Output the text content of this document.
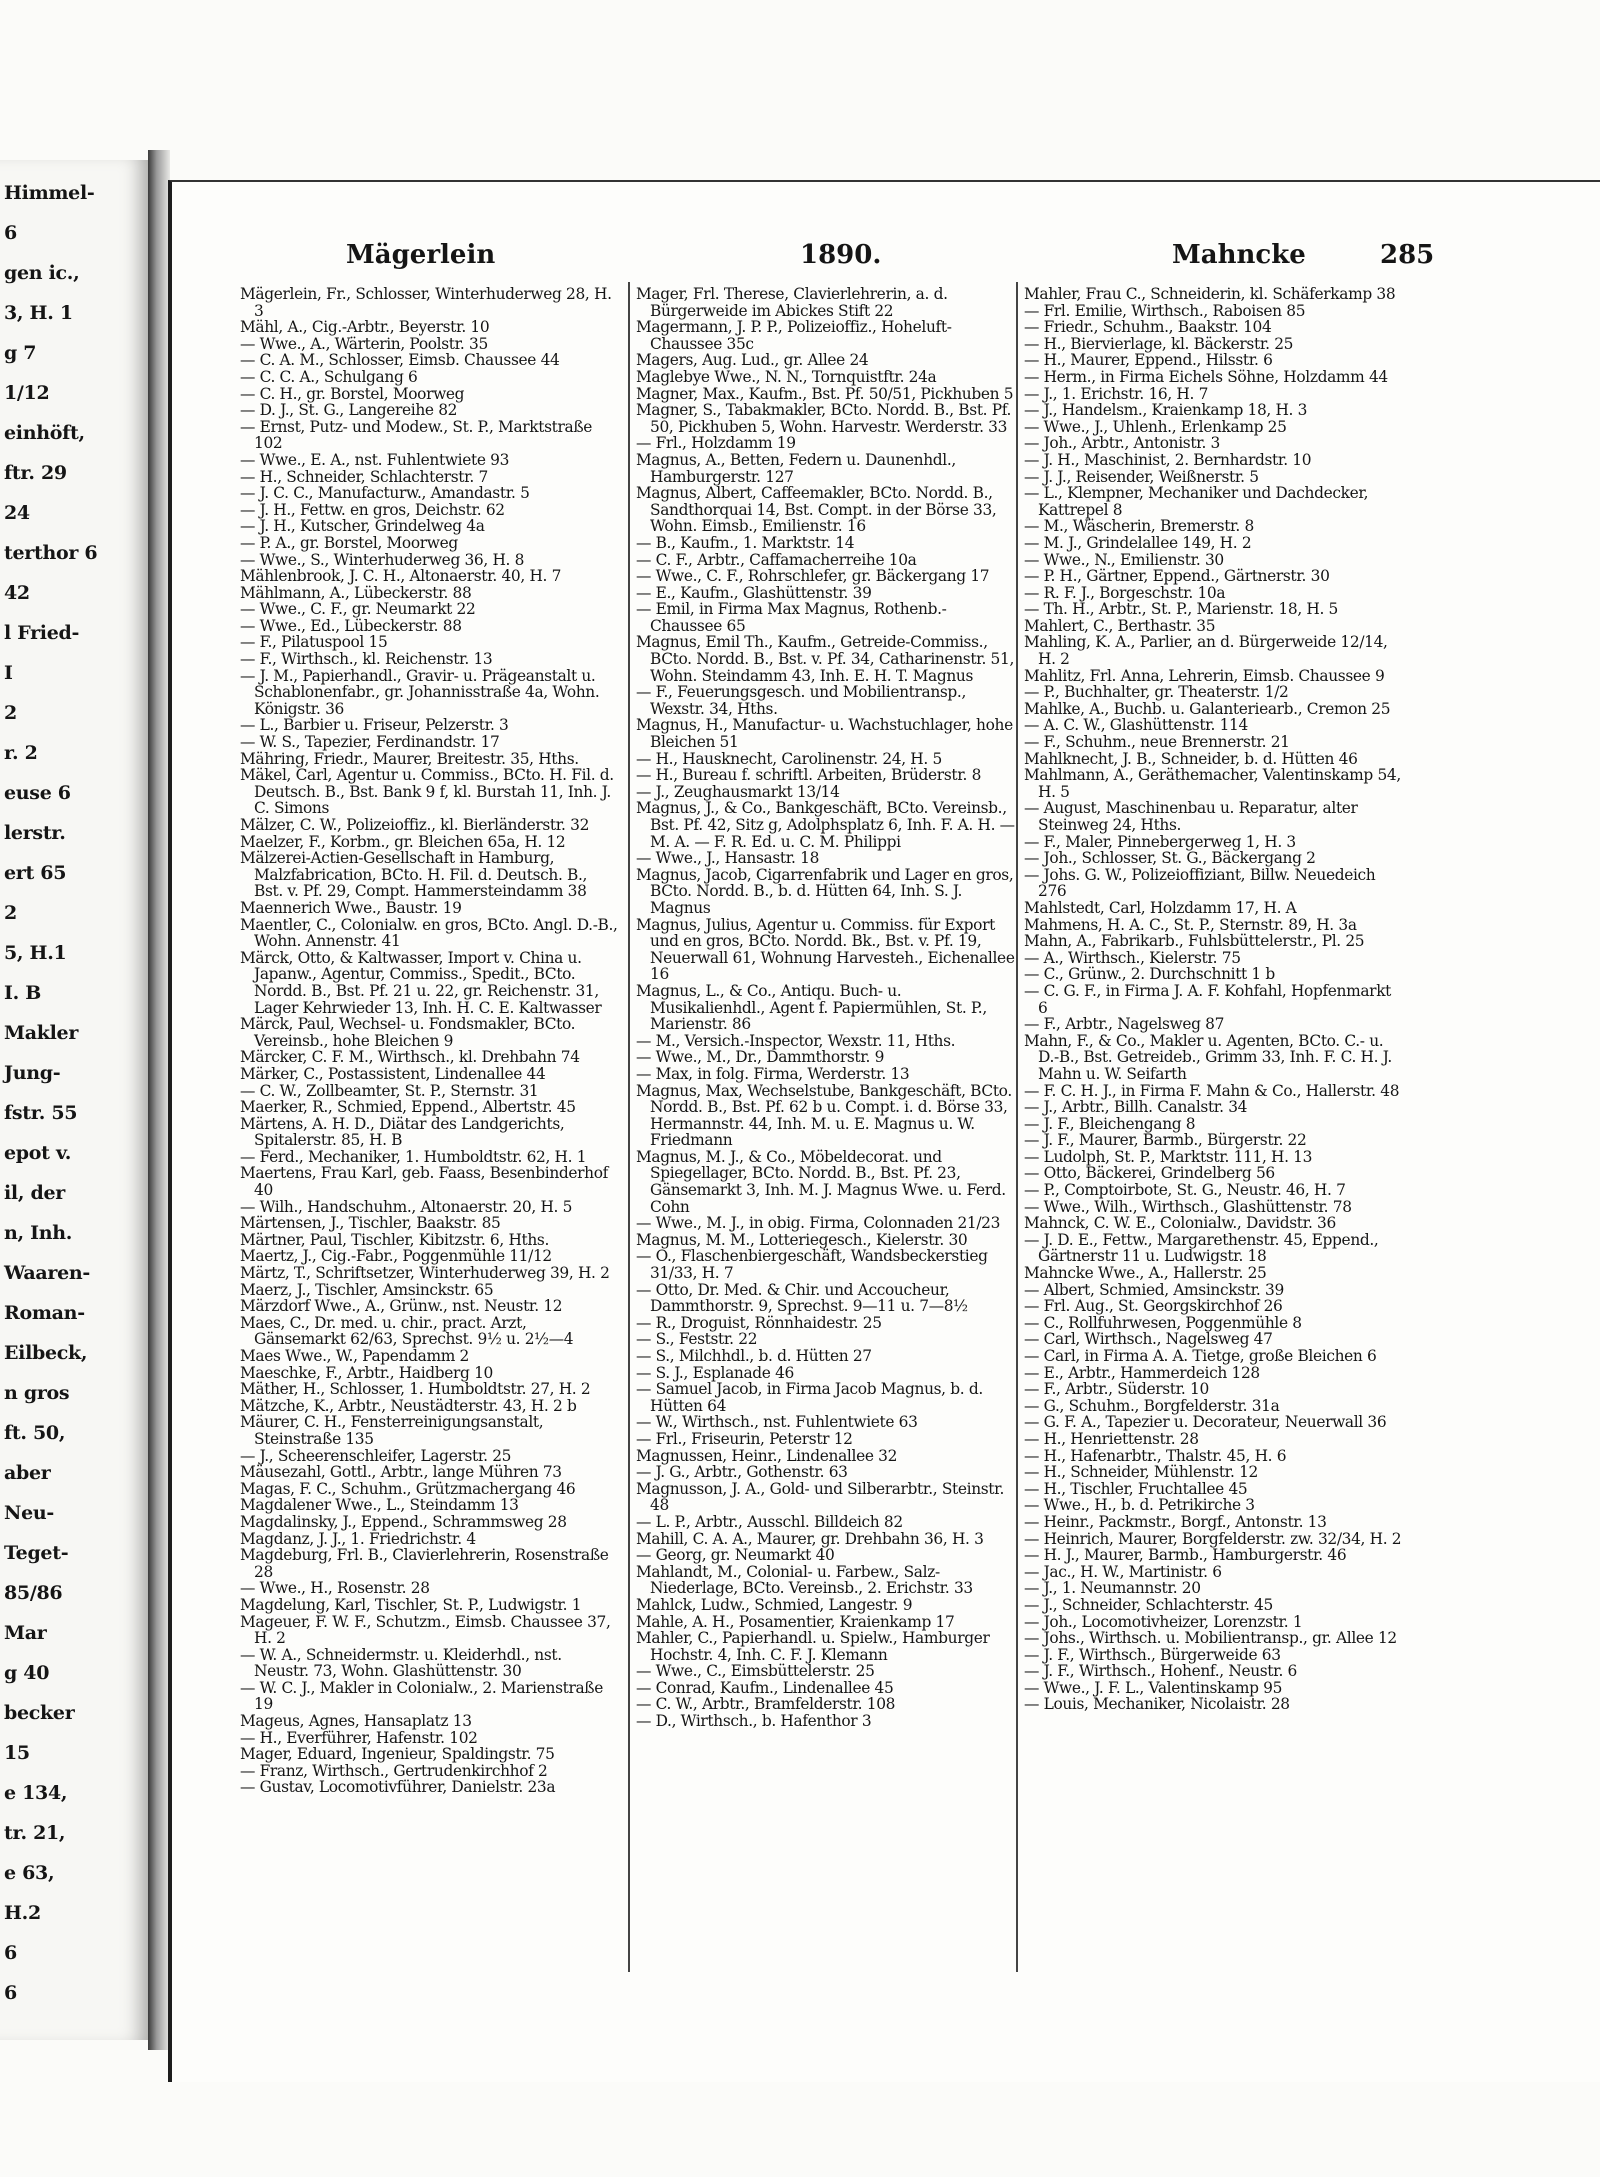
Himmel-
6
gen ic.,
3, H. 1
g 7
1/12
einhöft,
ftr. 29
24
terthor 6
42
l Fried-
I
2
r. 2
euse 6
lerstr.
ert 65
2
5, H.1
I. B
Makler
Jung-
fstr. 55
epot v.
il, der
n, Inh.
Waaren-
Roman-
Eilbeck,
n gros
ft. 50,
aber
Neu-
Teget-
85/86
Mar
g 40
becker
15
e 134,
tr. 21,
e 63,
H.2
6
6
Mägerlein	1890.	Mahncke	285

Mägerlein, Fr., Schlosser, Winterhuderweg 28, H. 3

Mähl, A., Cig.-Arbtr., Beyerstr. 10

— Wwe., A., Wärterin, Poolstr. 35

— C. A. M., Schlosser, Eimsb. Chaussee 44

— C. C. A., Schulgang 6

— C. H., gr. Borstel, Moorweg

— D. J., St. G., Langereihe 82

— Ernst, Putz- und Modew., St. P., Marktstraße 102

— Wwe., E. A., nst. Fuhlentwiete 93

— H., Schneider, Schlachterstr. 7

— J. C. C., Manufacturw., Amandastr. 5

— J. H., Fettw. en gros, Deichstr. 62

— J. H., Kutscher, Grindelweg 4a

— P. A., gr. Borstel, Moorweg

— Wwe., S., Winterhuderweg 36, H. 8

Mählenbrook, J. C. H., Altonaerstr. 40, H. 7

Mählmann, A., Lübeckerstr. 88

— Wwe., C. F., gr. Neumarkt 22

— Wwe., Ed., Lübeckerstr. 88

— F., Pilatuspool 15

— F., Wirthsch., kl. Reichenstr. 13

— J. M., Papierhandl., Gravir- u. Prägeanstalt u. Schablonenfabr., gr. Johannisstraße 4a, Wohn. Königstr. 36

— L., Barbier u. Friseur, Pelzerstr. 3

— W. S., Tapezier, Ferdinandstr. 17

Mähring, Friedr., Maurer, Breitestr. 35, Hths.

Mäkel, Carl, Agentur u. Commiss., BCto. H. Fil. d. Deutsch. B., Bst. Bank 9 f, kl. Burstah 11, Inh. J. C. Simons

Mälzer, C. W., Polizeioffiz., kl. Bierländerstr. 32

Maelzer, F., Korbm., gr. Bleichen 65a, H. 12

Mälzerei-Actien-Gesellschaft in Hamburg, Malzfabrication, BCto. H. Fil. d. Deutsch. B., Bst. v. Pf. 29, Compt. Hammersteindamm 38

Maennerich Wwe., Baustr. 19

Maentler, C., Colonialw. en gros, BCto. Angl. D.-B., Wohn. Annenstr. 41

Märck, Otto, & Kaltwasser, Import v. China u. Japanw., Agentur, Commiss., Spedit., BCto. Nordd. B., Bst. Pf. 21 u. 22, gr. Reichenstr. 31, Lager Kehrwieder 13, Inh. H. C. E. Kaltwasser

Märck, Paul, Wechsel- u. Fondsmakler, BCto. Vereinsb., hohe Bleichen 9

Märcker, C. F. M., Wirthsch., kl. Drehbahn 74

Märker, C., Postassistent, Lindenallee 44

— C. W., Zollbeamter, St. P., Sternstr. 31

Maerker, R., Schmied, Eppend., Albertstr. 45

Märtens, A. H. D., Diätar des Landgerichts, Spitalerstr. 85, H. B

— Ferd., Mechaniker, 1. Humboldtstr. 62, H. 1

Maertens, Frau Karl, geb. Faass, Besenbinderhof 40

— Wilh., Handschuhm., Altonaerstr. 20, H. 5

Märtensen, J., Tischler, Baakstr. 85

Märtner, Paul, Tischler, Kibitzstr. 6, Hths.

Maertz, J., Cig.-Fabr., Poggenmühle 11/12

Märtz, T., Schriftsetzer, Winterhuderweg 39, H. 2

Maerz, J., Tischler, Amsinckstr. 65

Märzdorf Wwe., A., Grünw., nst. Neustr. 12

Maes, C., Dr. med. u. chir., pract. Arzt, Gänsemarkt 62/63, Sprechst. 9½ u. 2½—4

Maes Wwe., W., Papendamm 2

Maeschke, F., Arbtr., Haidberg 10

Mäther, H., Schlosser, 1. Humboldtstr. 27, H. 2

Mätzche, K., Arbtr., Neustädterstr. 43, H. 2 b

Mäurer, C. H., Fensterreinigungsanstalt, Steinstraße 135

— J., Scheerenschleifer, Lagerstr. 25

Mäusezahl, Gottl., Arbtr., lange Mühren 73

Magas, F. C., Schuhm., Grützmachergang 46

Magdalener Wwe., L., Steindamm 13

Magdalinsky, J., Eppend., Schrammsweg 28

Magdanz, J. J., 1. Friedrichstr. 4

Magdeburg, Frl. B., Clavierlehrerin, Rosenstraße 28

— Wwe., H., Rosenstr. 28

Magdelung, Karl, Tischler, St. P., Ludwigstr. 1

Mageuer, F. W. F., Schutzm., Eimsb. Chaussee 37, H. 2

— W. A., Schneidermstr. u. Kleiderhdl., nst. Neustr. 73, Wohn. Glashüttenstr. 30

— W. C. J., Makler in Colonialw., 2. Marienstraße 19

Mageus, Agnes, Hansaplatz 13

— H., Everführer, Hafenstr. 102

Mager, Eduard, Ingenieur, Spaldingstr. 75

— Franz, Wirthsch., Gertrudenkirchhof 2

— Gustav, Locomotivführer, Danielstr. 23a

Mager, Frl. Therese, Clavierlehrerin, a. d. Bürgerweide im Abickes Stift 22

Magermann, J. P. P., Polizeioffiz., Hoheluft-Chaussee 35c

Magers, Aug. Lud., gr. Allee 24

Maglebye Wwe., N. N., Tornquistftr. 24a

Magner, Max., Kaufm., Bst. Pf. 50/51, Pickhuben 5

Magner, S., Tabakmakler, BCto. Nordd. B., Bst. Pf. 50, Pickhuben 5, Wohn. Harvestr. Werderstr. 33

— Frl., Holzdamm 19

Magnus, A., Betten, Federn u. Daunenhdl., Hamburgerstr. 127

Magnus, Albert, Caffeemakler, BCto. Nordd. B., Sandthorquai 14, Bst. Compt. in der Börse 33, Wohn. Eimsb., Emilienstr. 16

— B., Kaufm., 1. Marktstr. 14

— C. F., Arbtr., Caffamacherreihe 10a

— Wwe., C. F., Rohrschlefer, gr. Bäckergang 17

— E., Kaufm., Glashüttenstr. 39

— Emil, in Firma Max Magnus, Rothenb.-Chaussee 65

Magnus, Emil Th., Kaufm., Getreide-Commiss., BCto. Nordd. B., Bst. v. Pf. 34, Catharinenstr. 51, Wohn. Steindamm 43, Inh. E. H. T. Magnus

— F., Feuerungsgesch. und Mobilientransp., Wexstr. 34, Hths.

Magnus, H., Manufactur- u. Wachstuchlager, hohe Bleichen 51

— H., Hausknecht, Carolinenstr. 24, H. 5

— H., Bureau f. schriftl. Arbeiten, Brüderstr. 8

— J., Zeughausmarkt 13/14

Magnus, J., & Co., Bankgeschäft, BCto. Vereinsb., Bst. Pf. 42, Sitz g, Adolphsplatz 6, Inh. F. A. H. — M. A. — F. R. Ed. u. C. M. Philippi

— Wwe., J., Hansastr. 18

Magnus, Jacob, Cigarrenfabrik und Lager en gros, BCto. Nordd. B., b. d. Hütten 64, Inh. S. J. Magnus

Magnus, Julius, Agentur u. Commiss. für Export und en gros, BCto. Nordd. Bk., Bst. v. Pf. 19, Neuerwall 61, Wohnung Harvesteh., Eichenallee 16

Magnus, L., & Co., Antiqu. Buch- u. Musikalienhdl., Agent f. Papiermühlen, St. P., Marienstr. 86

— M., Versich.-Inspector, Wexstr. 11, Hths.

— Wwe., M., Dr., Dammthorstr. 9

— Max, in folg. Firma, Werderstr. 13

Magnus, Max, Wechselstube, Bankgeschäft, BCto. Nordd. B., Bst. Pf. 62 b u. Compt. i. d. Börse 33, Hermannstr. 44, Inh. M. u. E. Magnus u. W. Friedmann

Magnus, M. J., & Co., Möbeldecorat. und Spiegellager, BCto. Nordd. B., Bst. Pf. 23, Gänsemarkt 3, Inh. M. J. Magnus Wwe. u. Ferd. Cohn

— Wwe., M. J., in obig. Firma, Colonnaden 21/23

Magnus, M. M., Lotteriegesch., Kielerstr. 30

— O., Flaschenbiergeschäft, Wandsbeckerstieg 31/33, H. 7

— Otto, Dr. Med. & Chir. und Accoucheur, Dammthorstr. 9, Sprechst. 9—11 u. 7—8½

— R., Droguist, Rönnhaidestr. 25

— S., Feststr. 22

— S., Milchhdl., b. d. Hütten 27

— S. J., Esplanade 46

— Samuel Jacob, in Firma Jacob Magnus, b. d. Hütten 64

— W., Wirthsch., nst. Fuhlentwiete 63

— Frl., Friseurin, Peterstr 12

Magnussen, Heinr., Lindenallee 32

— J. G., Arbtr., Gothenstr. 63

Magnusson, J. A., Gold- und Silberarbtr., Steinstr. 48

— L. P., Arbtr., Ausschl. Billdeich 82

Mahill, C. A. A., Maurer, gr. Drehbahn 36, H. 3

— Georg, gr. Neumarkt 40

Mahlandt, M., Colonial- u. Farbew., Salz-Niederlage, BCto. Vereinsb., 2. Erichstr. 33

Mahlck, Ludw., Schmied, Langestr. 9

Mahle, A. H., Posamentier, Kraienkamp 17

Mahler, C., Papierhandl. u. Spielw., Hamburger Hochstr. 4, Inh. C. F. J. Klemann

— Wwe., C., Eimsbüttelerstr. 25

— Conrad, Kaufm., Lindenallee 45

— C. W., Arbtr., Bramfelderstr. 108

— D., Wirthsch., b. Hafenthor 3

Mahler, Frau C., Schneiderin, kl. Schäferkamp 38

— Frl. Emilie, Wirthsch., Raboisen 85

— Friedr., Schuhm., Baakstr. 104

— H., Biervierlage, kl. Bäckerstr. 25

— H., Maurer, Eppend., Hilsstr. 6

— Herm., in Firma Eichels Söhne, Holzdamm 44

— J., 1. Erichstr. 16, H. 7

— J., Handelsm., Kraienkamp 18, H. 3

— Wwe., J., Uhlenh., Erlenkamp 25

— Joh., Arbtr., Antonistr. 3

— J. H., Maschinist, 2. Bernhardstr. 10

— J. J., Reisender, Weißnerstr. 5

— L., Klempner, Mechaniker und Dachdecker, Kattrepel 8

— M., Wäscherin, Bremerstr. 8

— M. J., Grindelallee 149, H. 2

— Wwe., N., Emilienstr. 30

— P. H., Gärtner, Eppend., Gärtnerstr. 30

— R. F. J., Borgeschstr. 10a

— Th. H., Arbtr., St. P., Marienstr. 18, H. 5

Mahlert, C., Berthastr. 35

Mahling, K. A., Parlier, an d. Bürgerweide 12/14, H. 2

Mahlitz, Frl. Anna, Lehrerin, Eimsb. Chaussee 9

— P., Buchhalter, gr. Theaterstr. 1/2

Mahlke, A., Buchb. u. Galanteriearb., Cremon 25

— A. C. W., Glashüttenstr. 114

— F., Schuhm., neue Brennerstr. 21

Mahlknecht, J. B., Schneider, b. d. Hütten 46

Mahlmann, A., Geräthemacher, Valentinskamp 54, H. 5

— August, Maschinenbau u. Reparatur, alter Steinweg 24, Hths.

— F., Maler, Pinnebergerweg 1, H. 3

— Joh., Schlosser, St. G., Bäckergang 2

— Johs. G. W., Polizeioffiziant, Billw. Neuedeich 276

Mahlstedt, Carl, Holzdamm 17, H. A

Mahmens, H. A. C., St. P., Sternstr. 89, H. 3a

Mahn, A., Fabrikarb., Fuhlsbüttelerstr., Pl. 25

— A., Wirthsch., Kielerstr. 75

— C., Grünw., 2. Durchschnitt 1 b

— C. G. F., in Firma J. A. F. Kohfahl, Hopfenmarkt 6

— F., Arbtr., Nagelsweg 87

Mahn, F., & Co., Makler u. Agenten, BCto. C.- u. D.-B., Bst. Getreideb., Grimm 33, Inh. F. C. H. J. Mahn u. W. Seifarth

— F. C. H. J., in Firma F. Mahn & Co., Hallerstr. 48

— J., Arbtr., Billh. Canalstr. 34

— J. F., Bleichengang 8

— J. F., Maurer, Barmb., Bürgerstr. 22

— Ludolph, St. P., Marktstr. 111, H. 13

— Otto, Bäckerei, Grindelberg 56

— P., Comptoirbote, St. G., Neustr. 46, H. 7

— Wwe., Wilh., Wirthsch., Glashüttenstr. 78

Mahnck, C. W. E., Colonialw., Davidstr. 36

— J. D. E., Fettw., Margarethenstr. 45, Eppend., Gärtnerstr 11 u. Ludwigstr. 18

Mahncke Wwe., A., Hallerstr. 25

— Albert, Schmied, Amsinckstr. 39

— Frl. Aug., St. Georgskirchhof 26

— C., Rollfuhrwesen, Poggenmühle 8

— Carl, Wirthsch., Nagelsweg 47

— Carl, in Firma A. A. Tietge, große Bleichen 6

— E., Arbtr., Hammerdeich 128

— F., Arbtr., Süderstr. 10

— G., Schuhm., Borgfelderstr. 31a

— G. F. A., Tapezier u. Decorateur, Neuerwall 36

— H., Henriettenstr. 28

— H., Hafenarbtr., Thalstr. 45, H. 6

— H., Schneider, Mühlenstr. 12

— H., Tischler, Fruchtallee 45

— Wwe., H., b. d. Petrikirche 3

— Heinr., Packmstr., Borgf., Antonstr. 13

— Heinrich, Maurer, Borgfelderstr. zw. 32/34, H. 2

— H. J., Maurer, Barmb., Hamburgerstr. 46

— Jac., H. W., Martinistr. 6

— J., 1. Neumannstr. 20

— J., Schneider, Schlachterstr. 45

— Joh., Locomotivheizer, Lorenzstr. 1

— Johs., Wirthsch. u. Mobilientransp., gr. Allee 12

— J. F., Wirthsch., Bürgerweide 63

— J. F., Wirthsch., Hohenf., Neustr. 6

— Wwe., J. F. L., Valentinskamp 95

— Louis, Mechaniker, Nicolaistr. 28
